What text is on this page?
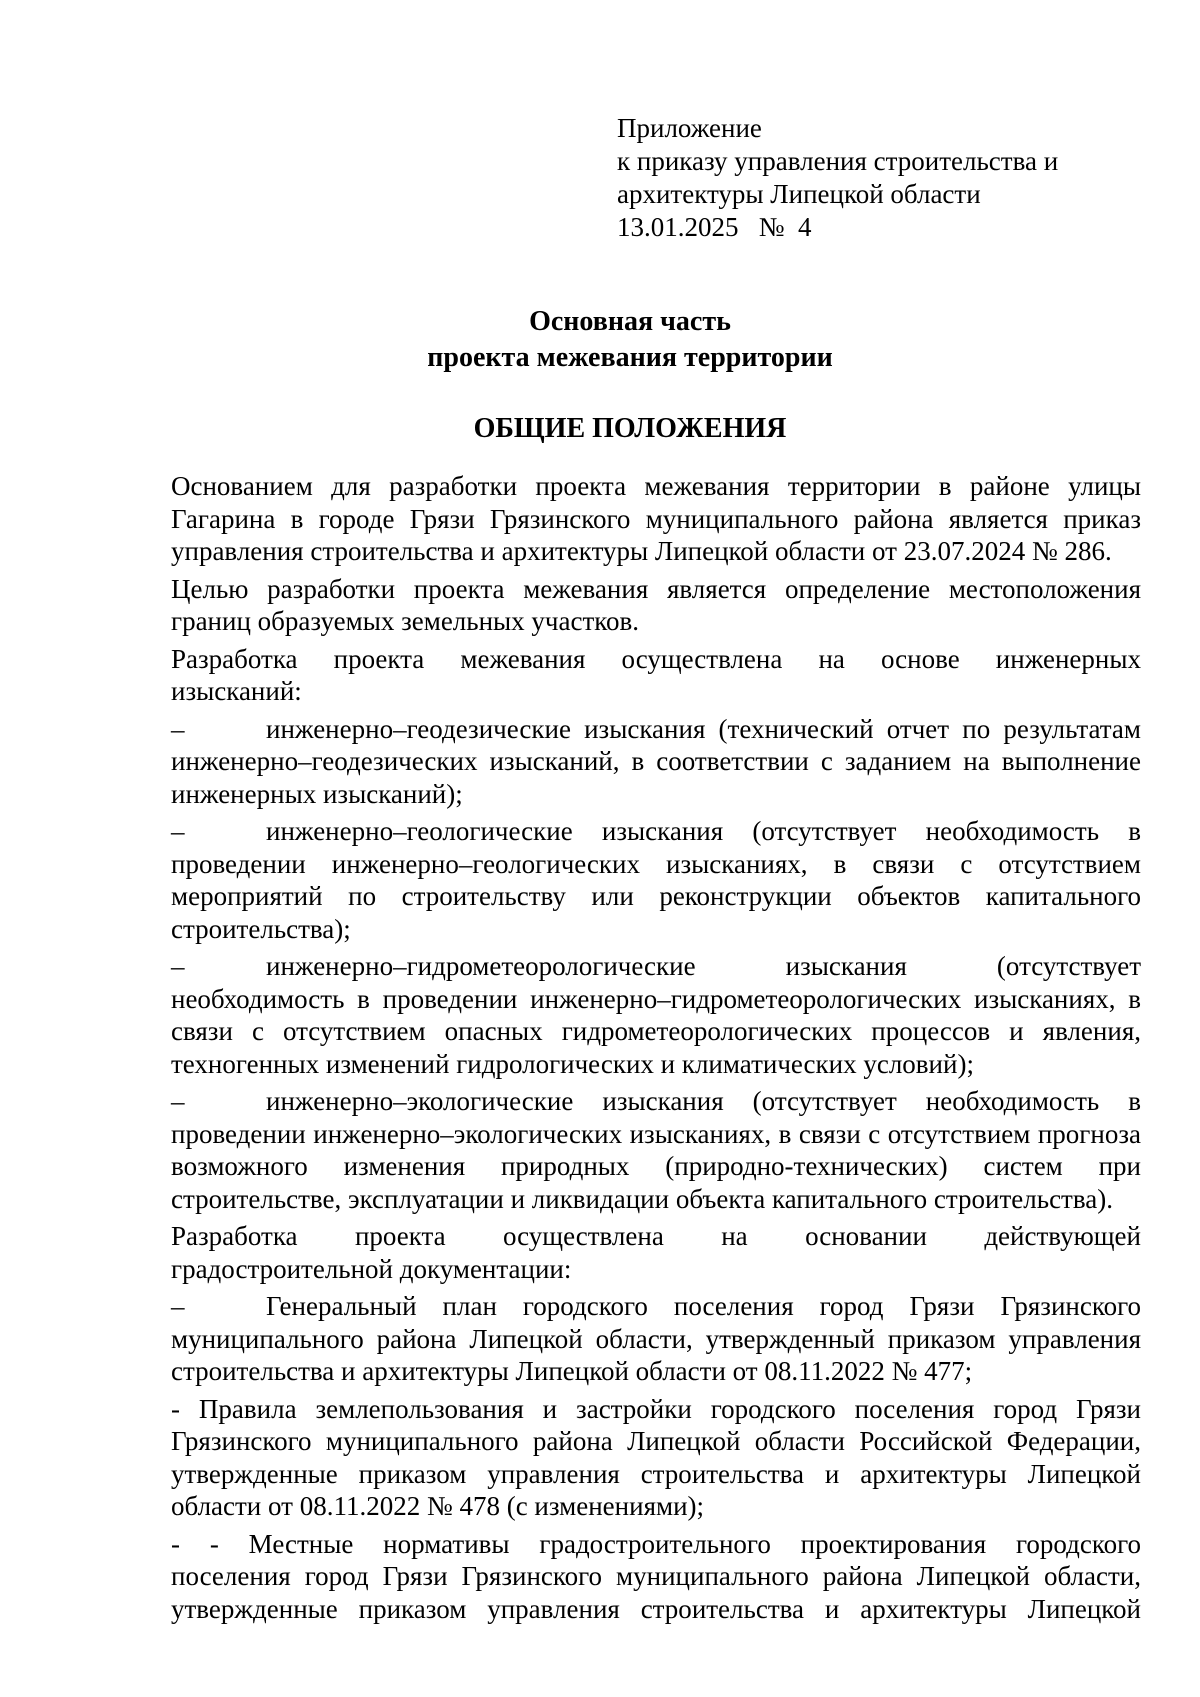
Приложение
к приказу управления строительства и
архитектуры Липецкой области
13.01.2025   №  4
Основная часть
проекта межевания территории
ОБЩИЕ ПОЛОЖЕНИЯ
Основанием для разработки проекта межевания территории в районе улицы
Гагарина в городе Грязи Грязинского муниципального района является приказ
управления строительства и архитектуры Липецкой области от 23.07.2024 № 286.
Целью разработки проекта межевания является определение местоположения
границ образуемых земельных участков.
Разработка проекта межевания осуществлена на основе инженерных
изысканий:
–	инженерно–геодезические изыскания (технический отчет по результатам
инженерно–геодезических изысканий, в соответствии с заданием на выполнение
инженерных изысканий);
–	инженерно–геологические изыскания (отсутствует необходимость в
проведении инженерно–геологических изысканиях, в связи с отсутствием
мероприятий по строительству или реконструкции объектов капитального
строительства);
–	инженерно–гидрометеорологические изыскания (отсутствует
необходимость в проведении инженерно–гидрометеорологических изысканиях, в
связи с отсутствием опасных гидрометеорологических процессов и явления,
техногенных изменений гидрологических и климатических условий);
–	инженерно–экологические изыскания (отсутствует необходимость в
проведении инженерно–экологических изысканиях, в связи с отсутствием прогноза
возможного изменения природных (природно-технических) систем при
строительстве, эксплуатации и ликвидации объекта капитального строительства).
Разработка проекта осуществлена на основании действующей
градостроительной документации:
–	Генеральный план городского поселения город Грязи Грязинского
муниципального района Липецкой области, утвержденный приказом управления
строительства и архитектуры Липецкой области от 08.11.2022 № 477;
- Правила землепользования и застройки городского поселения город Грязи
Грязинского муниципального района Липецкой области Российской Федерации,
утвержденные приказом управления строительства и архитектуры Липецкой
области от 08.11.2022 № 478 (с изменениями);
- - Местные нормативы градостроительного проектирования городского
поселения город Грязи Грязинского муниципального района Липецкой области,
утвержденные приказом управления строительства и архитектуры Липецкой
